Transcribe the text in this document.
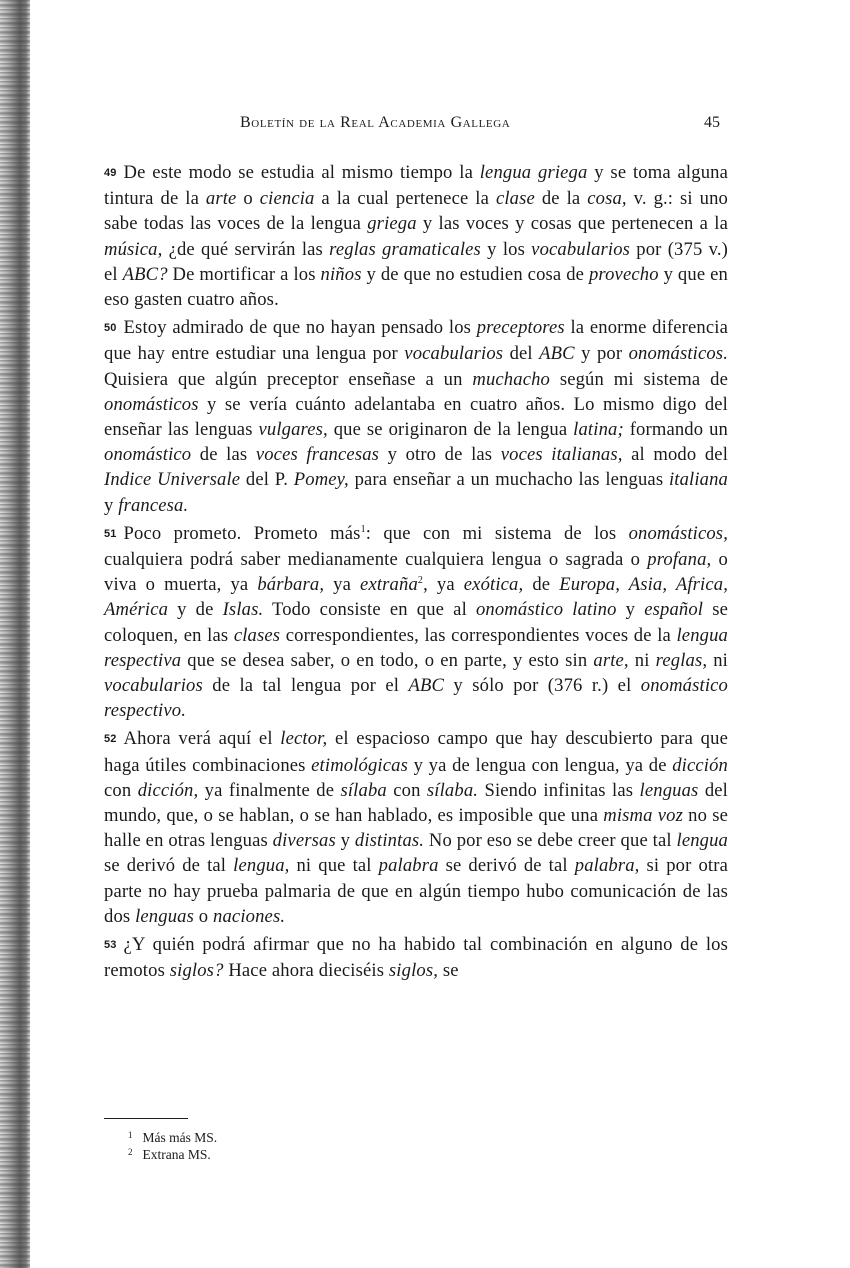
Boletín de la Real Academia Gallega	45

49 De este modo se estudia al mismo tiempo la lengua griega y se toma alguna tintura de la arte o ciencia a la cual pertenece la clase de la cosa, v. g.: si uno sabe todas las voces de la lengua griega y las voces y cosas que pertenecen a la música, ¿de qué servirán las reglas gramaticales y los vocabularios por (375 v.) el ABC? De mortificar a los niños y de que no estudien cosa de provecho y que en eso gasten cuatro años.

50 Estoy admirado de que no hayan pensado los preceptores la enorme diferencia que hay entre estudiar una lengua por vocabularios del ABC y por onomásticos. Quisiera que algún preceptor enseñase a un muchacho según mi sistema de onomásticos y se vería cuánto adelantaba en cuatro años. Lo mismo digo del enseñar las lenguas vulgares, que se originaron de la lengua latina; formando un onomástico de las voces francesas y otro de las voces italianas, al modo del Indice Universale del P. Pomey, para enseñar a un muchacho las lenguas italiana y francesa.

51 Poco prometo. Prometo más$^1$: que con mi sistema de los onomásticos, cualquiera podrá saber medianamente cualquiera lengua o sagrada o profana, o viva o muerta, ya bárbara, ya extraña$^2$, ya exótica, de Europa, Asia, Africa, América y de Islas. Todo consiste en que al onomástico latino y español se coloquen, en las clases correspondientes, las correspondientes voces de la lengua respectiva que se desea saber, o en todo, o en parte, y esto sin arte, ni reglas, ni vocabularios de la tal lengua por el ABC y sólo por (376 r.) el onomástico respectivo.

52 Ahora verá aquí el lector, el espacioso campo que hay descubierto para que haga útiles combinaciones etimológicas y ya de lengua con lengua, ya de dicción con dicción, ya finalmente de sílaba con sílaba. Siendo infinitas las lenguas del mundo, que, o se hablan, o se han hablado, es imposible que una misma voz no se halle en otras lenguas diversas y distintas. No por eso se debe creer que tal lengua se derivó de tal lengua, ni que tal palabra se derivó de tal palabra, si por otra parte no hay prueba palmaria de que en algún tiempo hubo comunicación de las dos lenguas o naciones.

53 ¿Y quién podrá afirmar que no ha habido tal combinación en alguno de los remotos siglos? Hace ahora dieciséis siglos, se

$^1$ Más más MS.
$^2$ Extrana MS.
